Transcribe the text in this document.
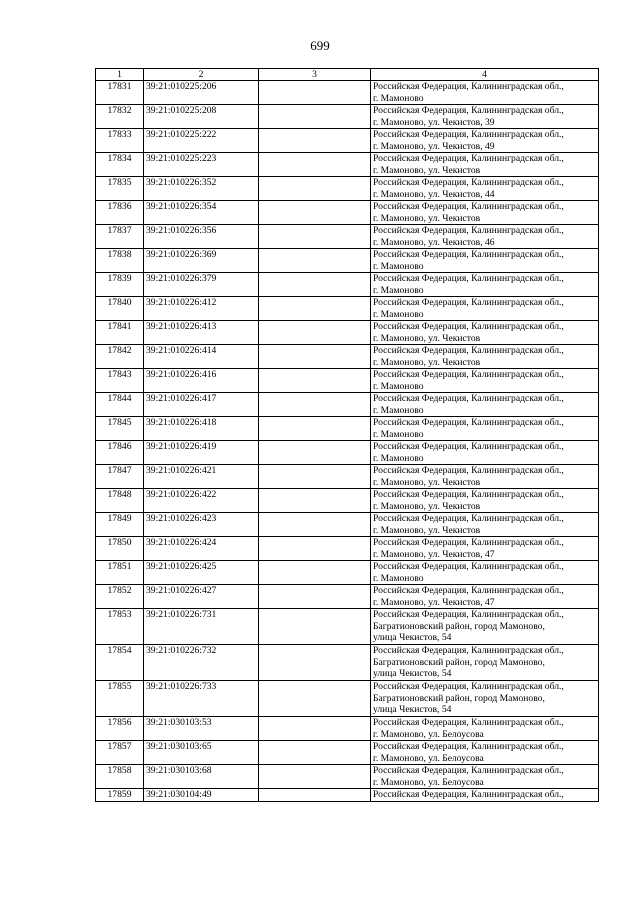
699
1	2	3	4
17831	39:21:010225:206		Российская Федерация, Калининградская обл.,
г. Мамоново
17832	39:21:010225:208		Российская Федерация, Калининградская обл.,
г. Мамоново, ул. Чекистов, 39
17833	39:21:010225:222		Российская Федерация, Калининградская обл.,
г. Мамоново, ул. Чекистов, 49
17834	39:21:010225:223		Российская Федерация, Калининградская обл.,
г. Мамоново, ул. Чекистов
17835	39:21:010226:352		Российская Федерация, Калининградская обл.,
г. Мамоново, ул. Чекистов, 44
17836	39:21:010226:354		Российская Федерация, Калининградская обл.,
г. Мамоново, ул. Чекистов
17837	39:21:010226:356		Российская Федерация, Калининградская обл.,
г. Мамоново, ул. Чекистов, 46
17838	39:21:010226:369		Российская Федерация, Калининградская обл.,
г. Мамоново
17839	39:21:010226:379		Российская Федерация, Калининградская обл.,
г. Мамоново
17840	39:21:010226:412		Российская Федерация, Калининградская обл.,
г. Мамоново
17841	39:21:010226:413		Российская Федерация, Калининградская обл.,
г. Мамоново, ул. Чекистов
17842	39:21:010226:414		Российская Федерация, Калининградская обл.,
г. Мамоново, ул. Чекистов
17843	39:21:010226:416		Российская Федерация, Калининградская обл.,
г. Мамоново
17844	39:21:010226:417		Российская Федерация, Калининградская обл.,
г. Мамоново
17845	39:21:010226:418		Российская Федерация, Калининградская обл.,
г. Мамоново
17846	39:21:010226:419		Российская Федерация, Калининградская обл.,
г. Мамоново
17847	39:21:010226:421		Российская Федерация, Калининградская обл.,
г. Мамоново, ул. Чекистов
17848	39:21:010226:422		Российская Федерация, Калининградская обл.,
г. Мамоново, ул. Чекистов
17849	39:21:010226:423		Российская Федерация, Калининградская обл.,
г. Мамоново, ул. Чекистов
17850	39:21:010226:424		Российская Федерация, Калининградская обл.,
г. Мамоново, ул. Чекистов, 47
17851	39:21:010226:425		Российская Федерация, Калининградская обл.,
г. Мамоново
17852	39:21:010226:427		Российская Федерация, Калининградская обл.,
г. Мамоново, ул. Чекистов, 47
17853	39:21:010226:731		Российская Федерация, Калининградская обл.,
Багратионовский район, город Мамоново,
улица Чекистов, 54
17854	39:21:010226:732		Российская Федерация, Калининградская обл.,
Багратионовский район, город Мамоново,
улица Чекистов, 54
17855	39:21:010226:733		Российская Федерация, Калининградская обл.,
Багратионовский район, город Мамоново,
улица Чекистов, 54
17856	39:21:030103:53		Российская Федерация, Калининградская обл.,
г. Мамоново, ул. Белоусова
17857	39:21:030103:65		Российская Федерация, Калининградская обл.,
г. Мамоново, ул. Белоусова
17858	39:21:030103:68		Российская Федерация, Калининградская обл.,
г. Мамоново, ул. Белоусова
17859	39:21:030104:49		Российская Федерация, Калининградская обл.,
